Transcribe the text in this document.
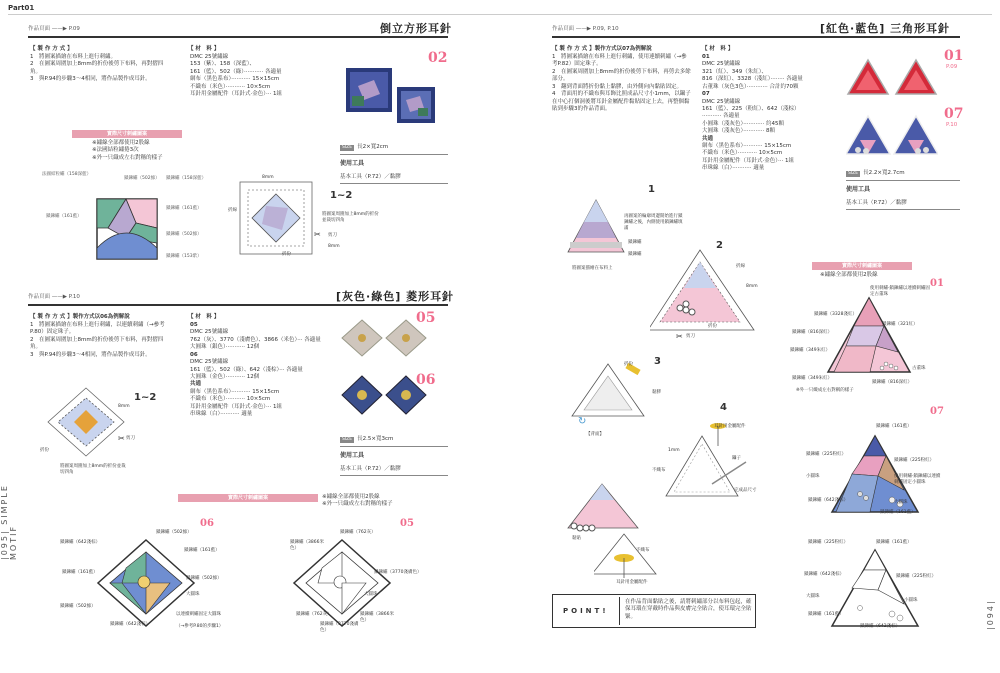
Part01
|095| SIMPLE MOTIF
|094|
作品頁面 ——▶ P.09	倒立方形耳針
【 製 作 方 式 】
1　將圖案描繪在布料上進行刺繡。
2　在圖案周圍加上8mm的折份後剪下布料，再對摺四角。
3　與P.94的步驟3～4相同，將作品製作成耳針。
【 材　料 】
DMC 25號繡線
153（紫）、158（深藍）、
161（藍）、502（綠）··········· 各適量
網布（黑色系布）··········· 15×15cm
不織布（米色）··········· 10×5cm
耳針用金屬配件（耳針式·金色）··· 1組
02
SIZE 長2×寬2cm
使用工具
基本工具（P.72）／黏膠
實際尺寸刺繡圖案
※繡線全部都使用2股線
※法國結粒繡捲3次
※外一只織成左右對稱的樣子
法國結粒繡（158深藍）
鎖鍊繡（502綠） 鎖鍊繡（158深藍）
鎖鍊繡（161藍）
鎖鍊繡（502綠）
鎖鍊繡（153紫）
鎖鍊繡（161藍）
1~2
8mm
折線
將圖案周圍加上8mm的折份並裁切四角
剪刀
8mm
折份
✂
作品頁面 ——▶ P.10	[灰色·綠色] 菱形耳針
【 製 作 方 式 】製作方式以06為例解說
1　將圖案描繪在布料上進行刺繡，以連續刺繡（→參考P.80）固定珠子。
2　在圖案周圍加上8mm的折份後剪下布料，再對摺四角。
3　與P.94的步驟3～4相同，將作品製作成耳針。
【 材　料 】
05
DMC 25號繡線
762（灰）、3770（淺膚色）、3866（米色）··· 各適量
大圓珠（銀色）··········· 12個
06
DMC 25號繡線
161（藍）、502（綠）、642（淺棕）··· 各適量
大圓珠（金色）··········· 12個
共通
網布（黑色系布）··········· 15×15cm
不織布（米色）··········· 10×5cm
耳針用金屬配件（耳針式·金色）··· 1組
串珠線（白）··········· 適量
05
06
SIZE 長2.5×寬3cm
使用工具
基本工具（P.72）／黏膠
1~2
8mm
✂ 剪刀
折份
將圖案周圍加上8mm的折份並裁切四角
實際尺寸刺繡圖案	※繡線全部都使用2股線
※外一只織成左右對稱的樣子
06
鎖鍊繡（642淺棕）
鎖鍊繡（502綠）
鎖鍊繡（161藍）
鎖鍊繡（502綠）
大圓珠
鎖鍊繡（161藍）
以連續刺繡固定大圓珠
（→參考P.80的步驟1）
鎖鍊繡（502綠）
鎖鍊繡（642淺棕）
05
鎖鍊繡（3866米色）
鎖鍊繡（762灰）
鎖鍊繡（3770淺膚色）
大圓珠
鎖鍊繡（762灰）
鎖鍊繡（3770淺膚色）
鎖鍊繡（3866米色）
作品頁面 ——▶ P.09, P.10	[紅色·藍色] 三角形耳針
【 製 作 方 式 】製作方式以07為例解說
1　將圖案描繪在布料上進行刺繡，使用連續刺繡（→參考P.82）固定珠子。
2　在圖案周圍加上8mm的折份後剪下布料，再剪去多餘部分。
3　翻到背面將折份黏上黏膠，由外側向內黏貼固定。
4　背面用的不織布與耳飾比照成品尺寸小1mm，以鑷子在中心打個洞後將耳針金屬配件黏貼固定上去，再整個黏貼到步驟3的作品背面。
【 材　料 】
01
DMC 25號繡線
321（紅）、349（朱紅）、
816（深紅）、3328（淺紅）········ 各適量
古董珠（灰色3色）············ 合計約70顆
07
DMC 25號繡線
161（藍）、225（粉紅）、642（淺棕）
··········· 各適量
小圓珠（淺灰色）············ 約45顆
大圓珠（淺灰色）············ 8顆
共通
網布（黑色系布）··········· 15×15cm
不織布（米色）··········· 10×5cm
耳針用金屬配件（耳針式·金色）··· 1組
串珠線（白）··········· 適量
01
P.09
07
P.10
SIZE 長2.2×寬2.7cm
使用工具
基本工具（P.72）／黏膠
1
再圖案的輪廓周邊開始進行鎖鍊繡之後，內側使用鎖鍊繡填滿
鎖鍊繡
鎖鍊繡
將圖案描繪在布料上
2
折線
8mm
✂ 剪刀
折份
3
折份
黏膠
【背面】
↻
4
耳針用金屬配件
1mm
不織布
鑷子
完成品尺寸
黏貼
不織布
耳針用金屬配件
POINT!
在作品背面黏貼之後，請將刺繡部分以布料包起，確保耳環在穿戴時作品與皮膚完全貼合，使耳環完全貼緊。
實際尺寸刺繡圖案
※繡線全部都使用2股線
01
使用刺繡·鎖鍊繡以連續刺繡固定古董珠
鎖鍊繡（3328淺紅）
鎖鍊繡（321紅）
鎖鍊繡（816深紅）
鎖鍊繡（349朱紅）
鎖鍊繡（349朱紅）
鎖鍊繡（816深紅）
古董珠
※外一只織成左右對稱的樣子
07
鎖鍊繡（161藍）
鎖鍊繡（225粉紅）
小圓珠
鎖鍊繡（225粉紅）
使用刺繡·鎖鍊繡以連續刺繡固定小圓珠
鎖鍊繡（642淺棕）
鎖鍊繡（161藍）
大圓珠
鎖鍊繡（225粉紅）	鎖鍊繡（161藍）
鎖鍊繡（642淺棕）	鎖鍊繡（225粉紅）
大圓珠
小圓珠
鎖鍊繡（161藍）
鎖鍊繡（642淺棕）
